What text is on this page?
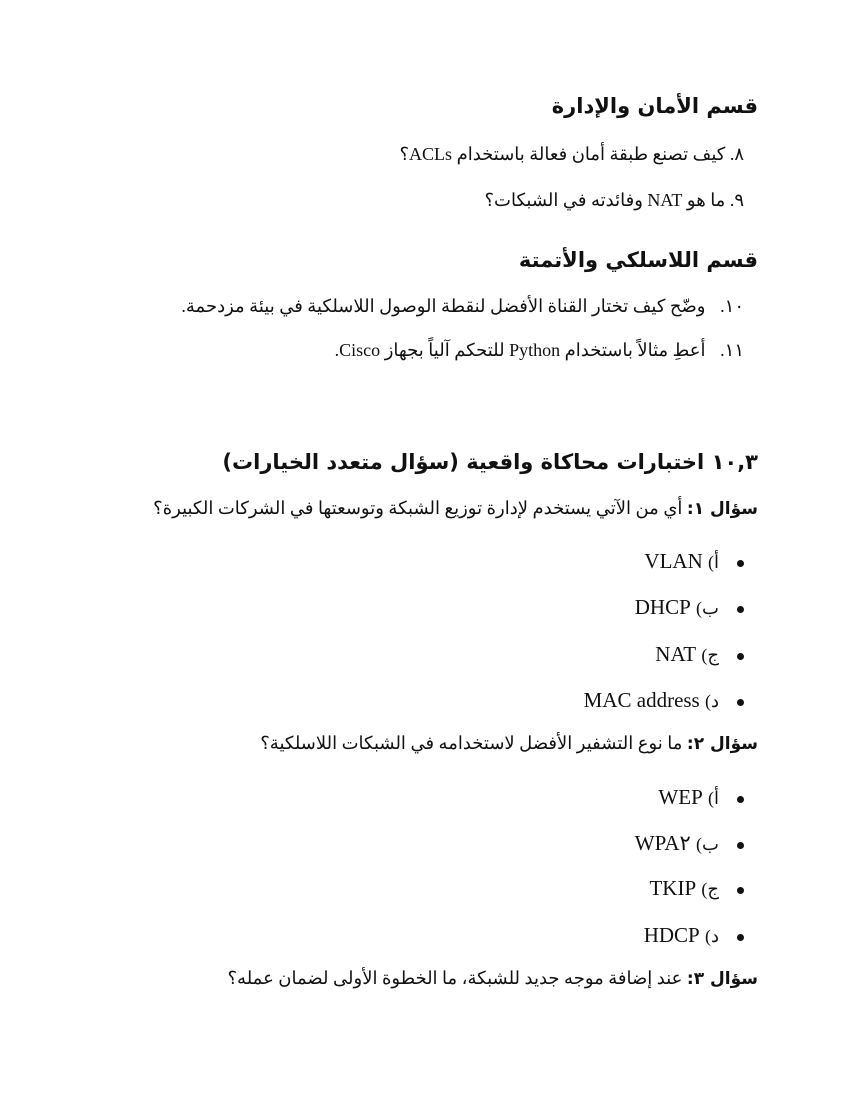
قسم الأمان والإدارة
٨. كيف تصنع طبقة أمان فعالة باستخدام ACLs؟
٩. ما هو NAT وفائدته في الشبكات؟
قسم اللاسلكي والأتمتة
١٠. وضّح كيف تختار القناة الأفضل لنقطة الوصول اللاسلكية في بيئة مزدحمة.
١١. أعطِ مثالاً باستخدام Python للتحكم آلياً بجهاز Cisco.
١٠,٣ اختبارات محاكاة واقعية (سؤال متعدد الخيارات)
سؤال ١: أي من الآتي يستخدم لإدارة توزيع الشبكة وتوسعتها في الشركات الكبيرة؟
أ) VLAN
ب) DHCP
ج) NAT
د) MAC address
سؤال ٢: ما نوع التشفير الأفضل لاستخدامه في الشبكات اللاسلكية؟
أ) WEP
ب) WPA٢
ج) TKIP
د) HDCP
سؤال ٣: عند إضافة موجه جديد للشبكة، ما الخطوة الأولى لضمان عمله؟
